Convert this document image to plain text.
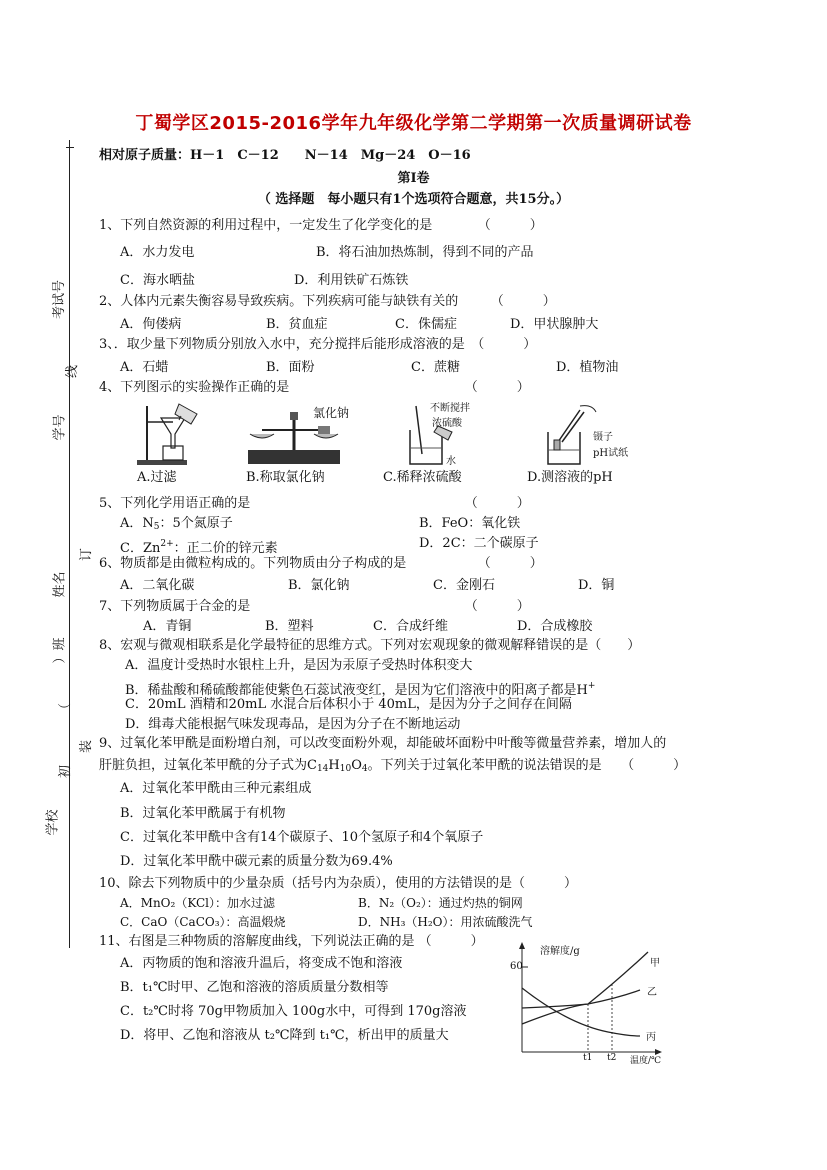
考试号
线
学号
订
姓名
）班
（
装
初
学校
丁蜀学区2015-2016学年九年级化学第二学期第一次质量调研试卷
相对原子质量：H－1　C－12　　N－14　Mg－24　O－16
第Ⅰ卷
（ 选择题　每小题只有1个选项符合题意，共15分。）
1、下列自然资源的利用过程中，一定发生了化学变化的是　　　　（　　　）
A．水力发电	B．将石油加热炼制，得到不同的产品
C．海水晒盐	D．利用铁矿石炼铁
2、人体内元素失衡容易导致疾病。下列疾病可能与缺铁有关的　　　（　　　）
A．佝偻病	B．贫血症	C．侏儒症	D．甲状腺肿大
3、．取少量下列物质分别放入水中，充分搅拌后能形成溶液的是　（　　　）
A．石蜡	B．面粉	C．蔗糖	D．植物油
4、下列图示的实验操作正确的是　　　　　　　　　　　　　　（　　　）
氯化钠	不断搅拌
浓硫酸
水
镊子
pH试纸
A.过滤	B.称取氯化钠	C.稀释浓硫酸	D.测溶液的pH
5、下列化学用语正确的是　　　　　　　　　　　　　　　　　（　　　）
A．$N_5$：5个氮原子	B．FeO：氧化铁
C．$Zn^{2+}$：正二价的锌元素	D．2C：二个碳原子
6、物质都是由微粒构成的。下列物质由分子构成的是　　　　　　（　　　）
A．二氧化碳	B．氯化钠	C．金刚石	D．铜
7、下列物质属于合金的是　　　　　　　　　　　　　　　　　（　　　）
A．青铜	B．塑料	C．合成纤维	D．合成橡胶
8、宏观与微观相联系是化学最特征的思维方式。下列对宏观现象的微观解释错误的是（　　）
A．温度计受热时水银柱上升，是因为汞原子受热时体积变大
B．稀盐酸和稀硫酸都能使紫色石蕊试液变红，是因为它们溶液中的阳离子都是H+
C．20mL 酒精和20mL 水混合后体积小于 40mL，是因为分子之间存在间隔
D．缉毒犬能根据气味发现毒品，是因为分子在不断地运动
9、过氧化苯甲酰是面粉增白剂，可以改变面粉外观，却能破坏面粉中叶酸等微量营养素，增加人的
肝脏负担，过氧化苯甲酰的分子式为$C_{14}H_{10}O_4$。下列关于过氧化苯甲酰的说法错误的是　　（　　　）
A．过氧化苯甲酰由三种元素组成
B．过氧化苯甲酰属于有机物
C．过氧化苯甲酰中含有14个碳原子、10个氢原子和4个氧原子
D．过氧化苯甲酰中碳元素的质量分数为69.4%
10、除去下列物质中的少量杂质（括号内为杂质），使用的方法错误的是（　　　）
A．MnO₂（KCl）：加水过滤	B．N₂（O₂）：通过灼热的铜网
C．CaO（CaCO₃）：高温煅烧	D．NH₃（H₂O）：用浓硫酸洗气
11、右图是三种物质的溶解度曲线，下列说法正确的是 （　　　）
A．丙物质的饱和溶液升温后，将变成不饱和溶液
B．t₁℃时甲、乙饱和溶液的溶质质量分数相等
C．t₂℃时将 70g甲物质加入 100g水中，可得到 170g溶液
D．将甲、乙饱和溶液从 t₂℃降到 t₁℃，析出甲的质量大
溶解度/g
60
t1 t2 温度/℃
甲
乙
丙
